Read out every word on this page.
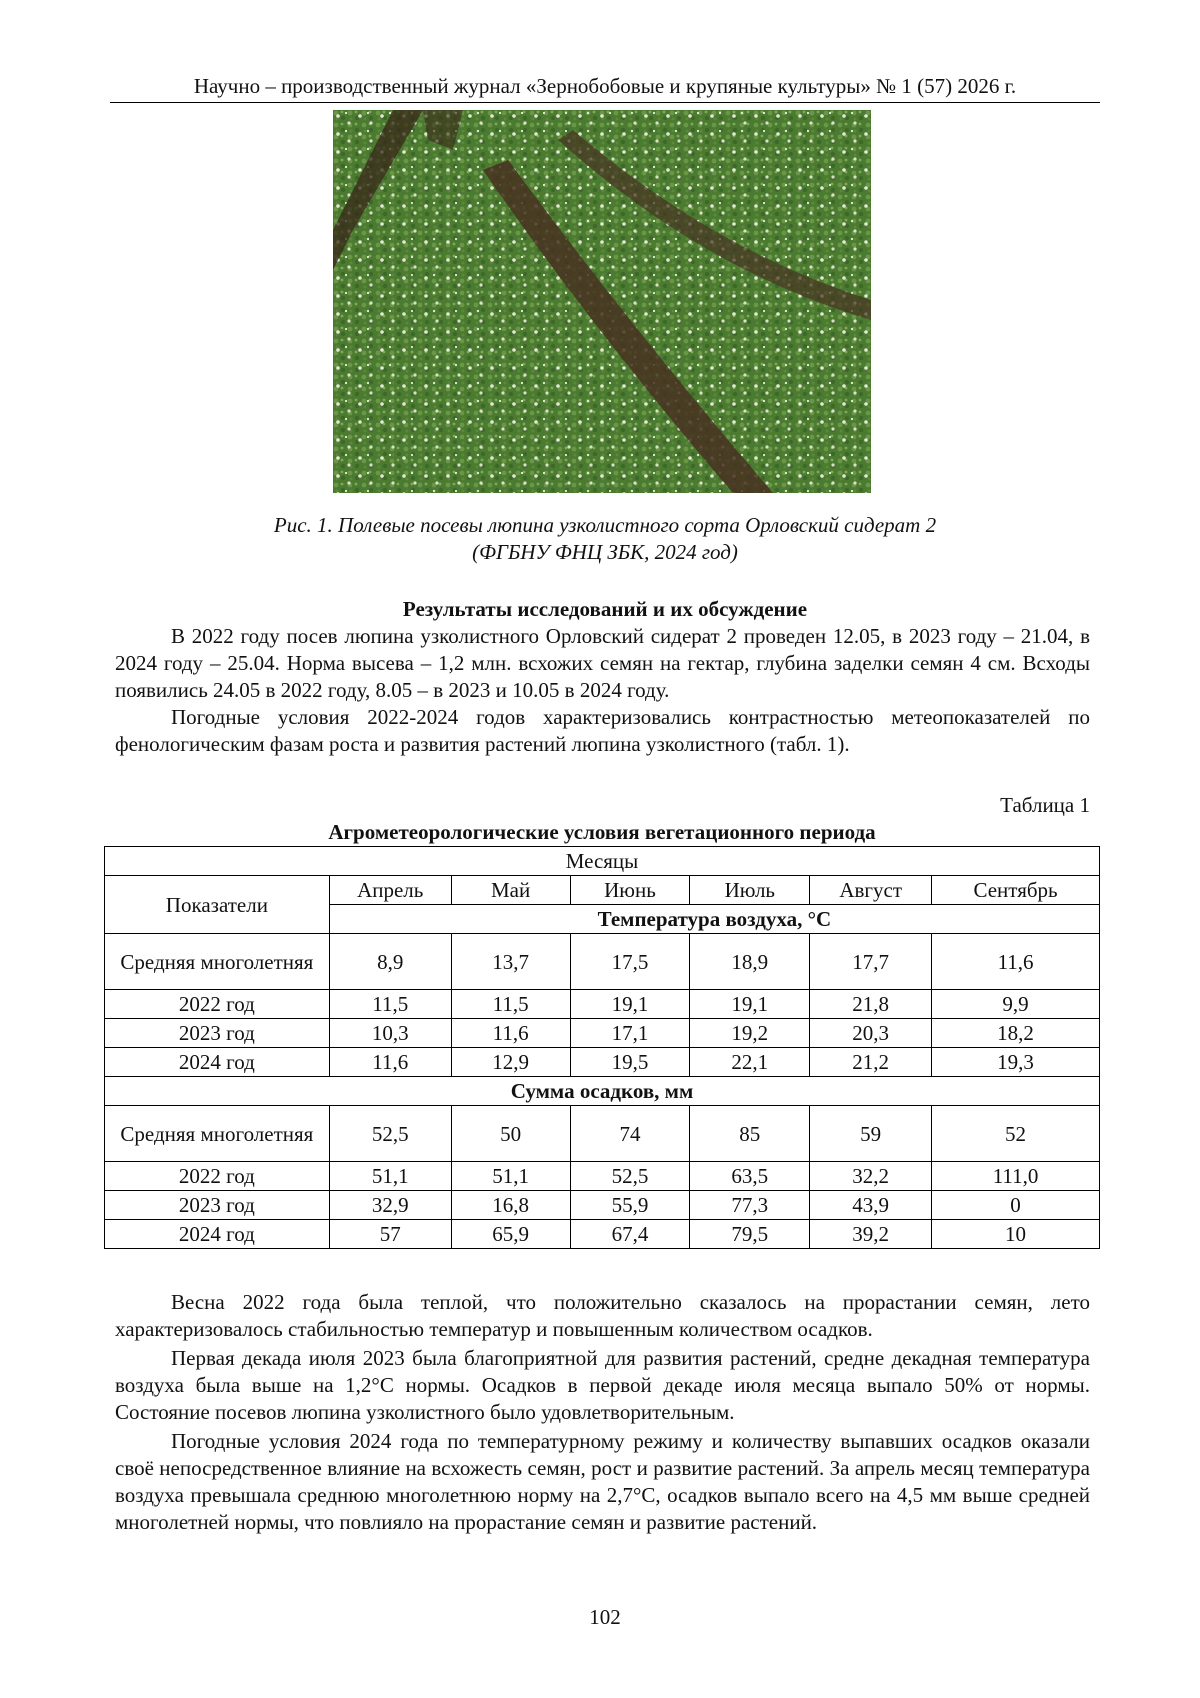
Научно – производственный журнал «Зернобобовые и крупяные культуры» № 1 (57) 2026 г.
Рис. 1. Полевые посевы люпина узколистного сорта Орловский сидерат 2
(ФГБНУ ФНЦ ЗБК, 2024 год)
Результаты исследований и их обсуждение

В 2022 году посев люпина узколистного Орловский сидерат 2 проведен 12.05, в 2023 году – 21.04, в 2024 году – 25.04. Норма высева – 1,2 млн. всхожих семян на гектар, глубина заделки семян 4 см. Всходы появились 24.05 в 2022 году, 8.05 – в 2023 и 10.05 в 2024 году.

Погодные условия 2022-2024 годов характеризовались контрастностью метеопоказателей по фенологическим фазам роста и развития растений люпина узколистного (табл. 1).

Таблица 1
Агрометеорологические условия вегетационного периода
Месяцы						
Показатели	Апрель	Май	Июнь	Июль	Август	Сентябрь
	Температура воздуха, °С					
Средняя многолетняя	8,9	13,7	17,5	18,9	17,7	11,6
2022 год	11,5	11,5	19,1	19,1	21,8	9,9
2023 год	10,3	11,6	17,1	19,2	20,3	18,2
2024 год	11,6	12,9	19,5	22,1	21,2	19,3
Сумма осадков, мм						
Средняя многолетняя	52,5	50	74	85	59	52
2022 год	51,1	51,1	52,5	63,5	32,2	111,0
2023 год	32,9	16,8	55,9	77,3	43,9	0
2024 год	57	65,9	67,4	79,5	39,2	10

Весна 2022 года была теплой, что положительно сказалось на прорастании семян, лето характеризовалось стабильностью температур и повышенным количеством осадков.

Первая декада июля 2023 была благоприятной для развития растений, средне декадная температура воздуха была выше на 1,2°С нормы. Осадков в первой декаде июля месяца выпало 50% от нормы. Состояние посевов люпина узколистного было удовлетворительным.

Погодные условия 2024 года по температурному режиму и количеству выпавших осадков оказали своё непосредственное влияние на всхожесть семян, рост и развитие растений. За апрель месяц температура воздуха превышала среднюю многолетнюю норму на 2,7°С, осадков выпало всего на 4,5 мм выше средней многолетней нормы, что повлияло на прорастание семян и развитие растений.

102
